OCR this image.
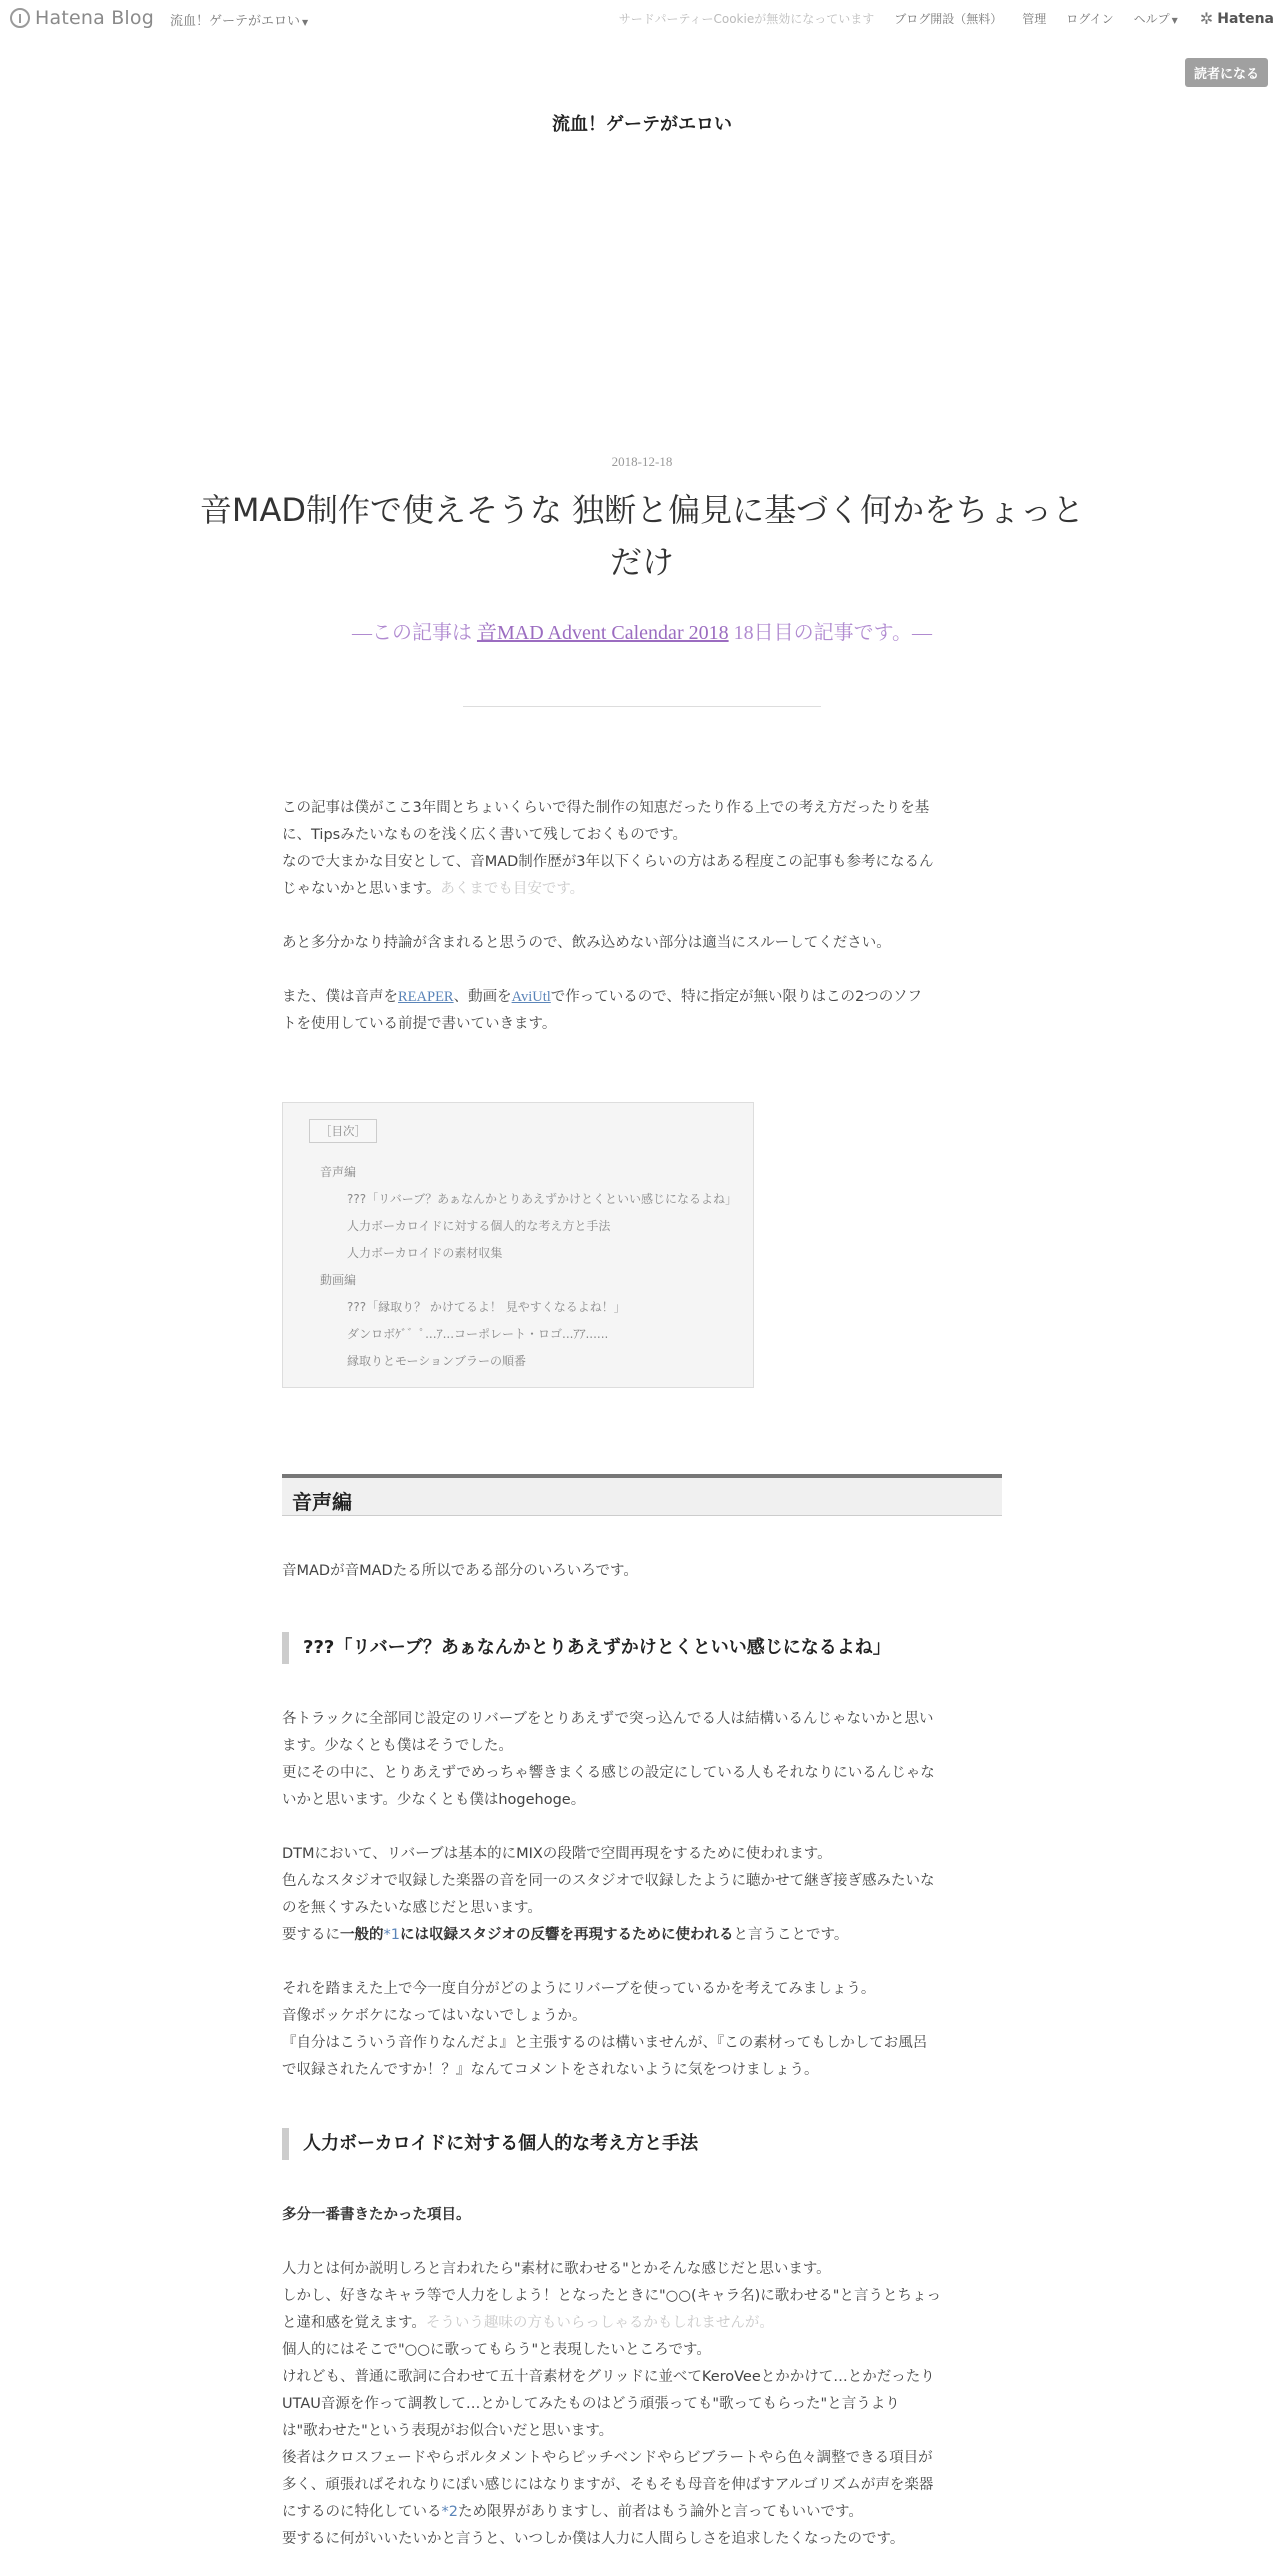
Hatena Blog 流血！ゲーテがエロい ▼	サードパーティーCookieが無効になっています ブログ開設（無料） 管理 ログイン ヘルプ ▼ ✲ Hatena
読者になる
流血！ゲーテがエロい
2018-12-18
音MAD制作で使えそうな 独断と偏見に基づく何かをちょっとだけ
―この記事は 音MAD Advent Calendar 2018 18日目の記事です。―

この記事は僕がここ3年間とちょいくらいで得た制作の知恵だったり作る上での考え方だったりを基

に、Tipsみたいなものを浅く広く書いて残しておくものです。

なので大まかな目安として、音MAD制作歴が3年以下くらいの方はある程度この記事も参考になるん

じゃないかと思います。あくまでも目安です。

あと多分かなり持論が含まれると思うので、飲み込めない部分は適当にスルーしてください。

また、僕は音声をREAPER、動画をAviUtlで作っているので、特に指定が無い限りはこの2つのソフ

トを使用している前提で書いていきます。

［目次］
音声編
???「リバーブ？あぁなんかとりあえずかけとくといい感じになるよね」
人力ボーカロイドに対する個人的な考え方と手法
人力ボーカロイドの素材収集
動画編
???「縁取り？ かけてるよ！ 見やすくなるよね！」
ダンロボｹﾞ゛ﾟ...ｱ...コーポレート・ロゴ...ｱｱ......
縁取りとモーションブラーの順番
音声編
音MADが音MADたる所以である部分のいろいろです。
???「リバーブ？あぁなんかとりあえずかけとくといい感じになるよね」

各トラックに全部同じ設定のリバーブをとりあえずで突っ込んでる人は結構いるんじゃないかと思い

ます。少なくとも僕はそうでした。

更にその中に、とりあえずでめっちゃ響きまくる感じの設定にしている人もそれなりにいるんじゃな

いかと思います。少なくとも僕はhogehoge。

DTMにおいて、リバーブは基本的にMIXの段階で空間再現をするために使われます。

色んなスタジオで収録した楽器の音を同一のスタジオで収録したように聴かせて継ぎ接ぎ感みたいな

のを無くすみたいな感じだと思います。

要するに一般的*1には収録スタジオの反響を再現するために使われると言うことです。

それを踏まえた上で今一度自分がどのようにリバーブを使っているかを考えてみましょう。

音像ボッケボケになってはいないでしょうか。

『自分はこういう音作りなんだよ』と主張するのは構いませんが、『この素材ってもしかしてお風呂

で収録されたんですか！？』なんてコメントをされないように気をつけましょう。

人力ボーカロイドに対する個人的な考え方と手法

多分一番書きたかった項目。

人力とは何か説明しろと言われたら"素材に歌わせる"とかそんな感じだと思います。

しかし、好きなキャラ等で人力をしよう！となったときに"○○(キャラ名)に歌わせる"と言うとちょっ

と違和感を覚えます。そういう趣味の方もいらっしゃるかもしれませんが。

個人的にはそこで"○○に歌ってもらう"と表現したいところです。

けれども、普通に歌詞に合わせて五十音素材をグリッドに並べてKeroVeeとかかけて…とかだったり

UTAU音源を作って調教して…とかしてみたものはどう頑張っても"歌ってもらった"と言うより

は"歌わせた"という表現がお似合いだと思います。

後者はクロスフェードやらポルタメントやらピッチベンドやらビブラートやら色々調整できる項目が

多く、頑張ればそれなりにぽい感じにはなりますが、そもそも母音を伸ばすアルゴリズムが声を楽器

にするのに特化している*2ため限界がありますし、前者はもう論外と言ってもいいです。

要するに何がいいたいかと言うと、いつしか僕は人力に人間らしさを追求したくなったのです。
